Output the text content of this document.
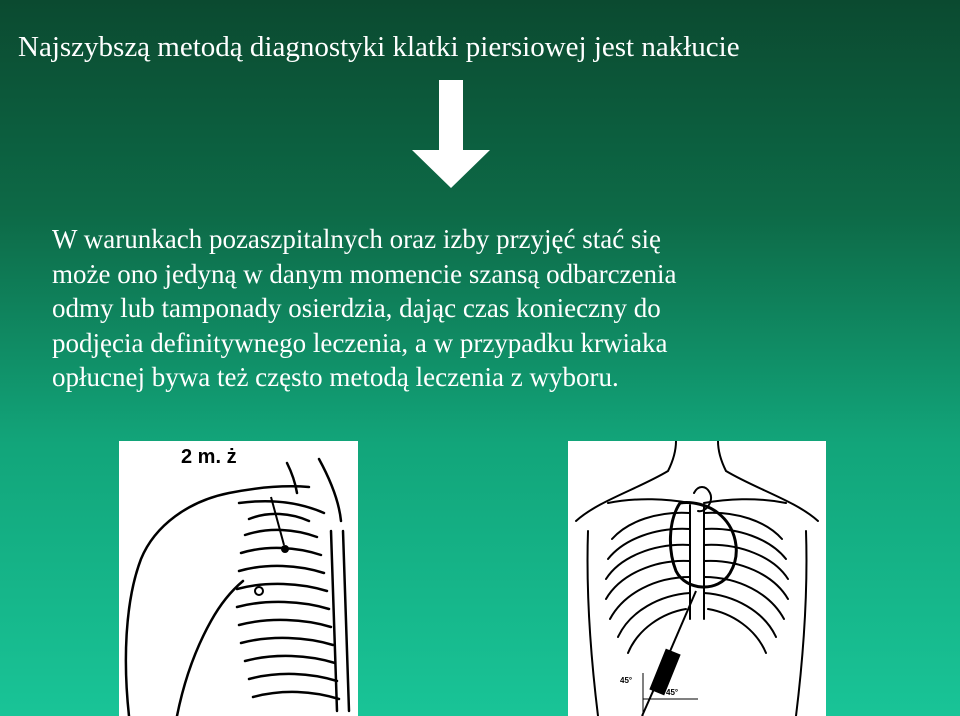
Najszybszą metodą diagnostyki klatki piersiowej jest nakłucie
W warunkach pozaszpitalnych oraz izby przyjęć stać się
może ono jedyną w danym momencie szansą odbarczenia
odmy lub tamponady osierdzia, dając czas konieczny do
podjęcia definitywnego leczenia, a w przypadku krwiaka
opłucnej bywa też często metodą leczenia z wyboru.
2 m. ż
45°
45°
